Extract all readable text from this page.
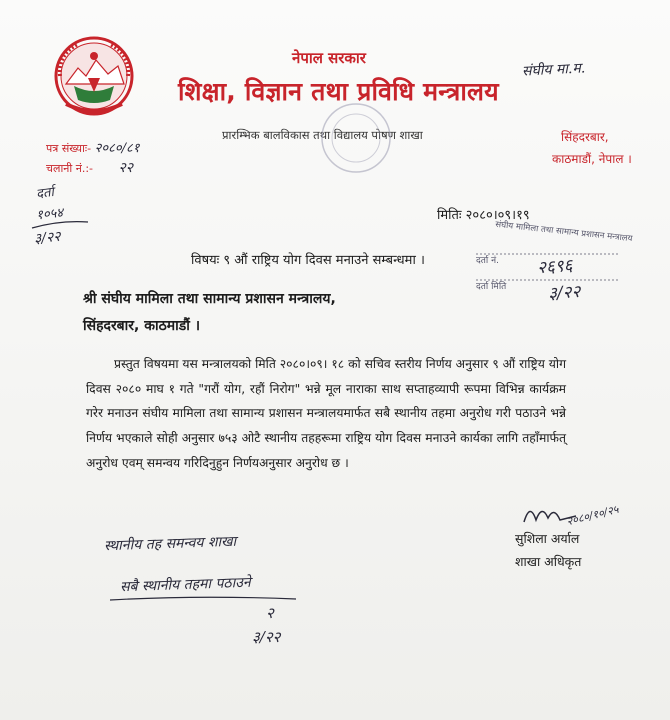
नेपाल सरकार
शिक्षा, विज्ञान तथा प्रविधि मन्त्रालय
प्रारम्भिक बालविकास तथा विद्यालय पोषण शाखा	सिंहदरबार,
काठमाडौं, नेपाल ।
पत्र संख्याः- २०८०/८१
चलानी नं.:- २२
संघीय मा.म.
दर्ता
१०५४
३/२२
मितिः २०८०।०९।१९
संघीय मामिला तथा सामान्य प्रशासन मन्त्रालय
दर्ता नं.
दर्ता मिति
२६९६
३/२२
विषयः ९ औं राष्ट्रिय योग दिवस मनाउने सम्बन्धमा ।
श्री संघीय मामिला तथा सामान्य प्रशासन मन्त्रालय,
सिंहदरबार, काठमाडौं ।
प्रस्तुत विषयमा यस मन्त्रालयको मिति २०८०।०९। १८ को सचिव स्तरीय निर्णय अनुसार ९ औं राष्ट्रिय योग दिवस २०८० माघ १ गते "गरौं योग, रहौं निरोग" भन्ने मूल नाराका साथ सप्ताहव्यापी रूपमा विभिन्न कार्यक्रम गरेर मनाउन संघीय मामिला तथा सामान्य प्रशासन मन्त्रालयमार्फत सबै स्थानीय तहमा अनुरोध गरी पठाउने भन्ने निर्णय भएकाले सोही अनुसार ७५३ ओटै स्थानीय तहहरूमा राष्ट्रिय योग दिवस मनाउने कार्यका लागि तहाँमार्फत् अनुरोध एवम् समन्वय गरिदिनुहुन निर्णयअनुसार अनुरोध छ ।
२०८०/१०/२५
सुशिला अर्याल
शाखा अधिकृत
स्थानीय तह समन्वय शाखा
सबै स्थानीय तहमा पठाउने
२
३/२२
